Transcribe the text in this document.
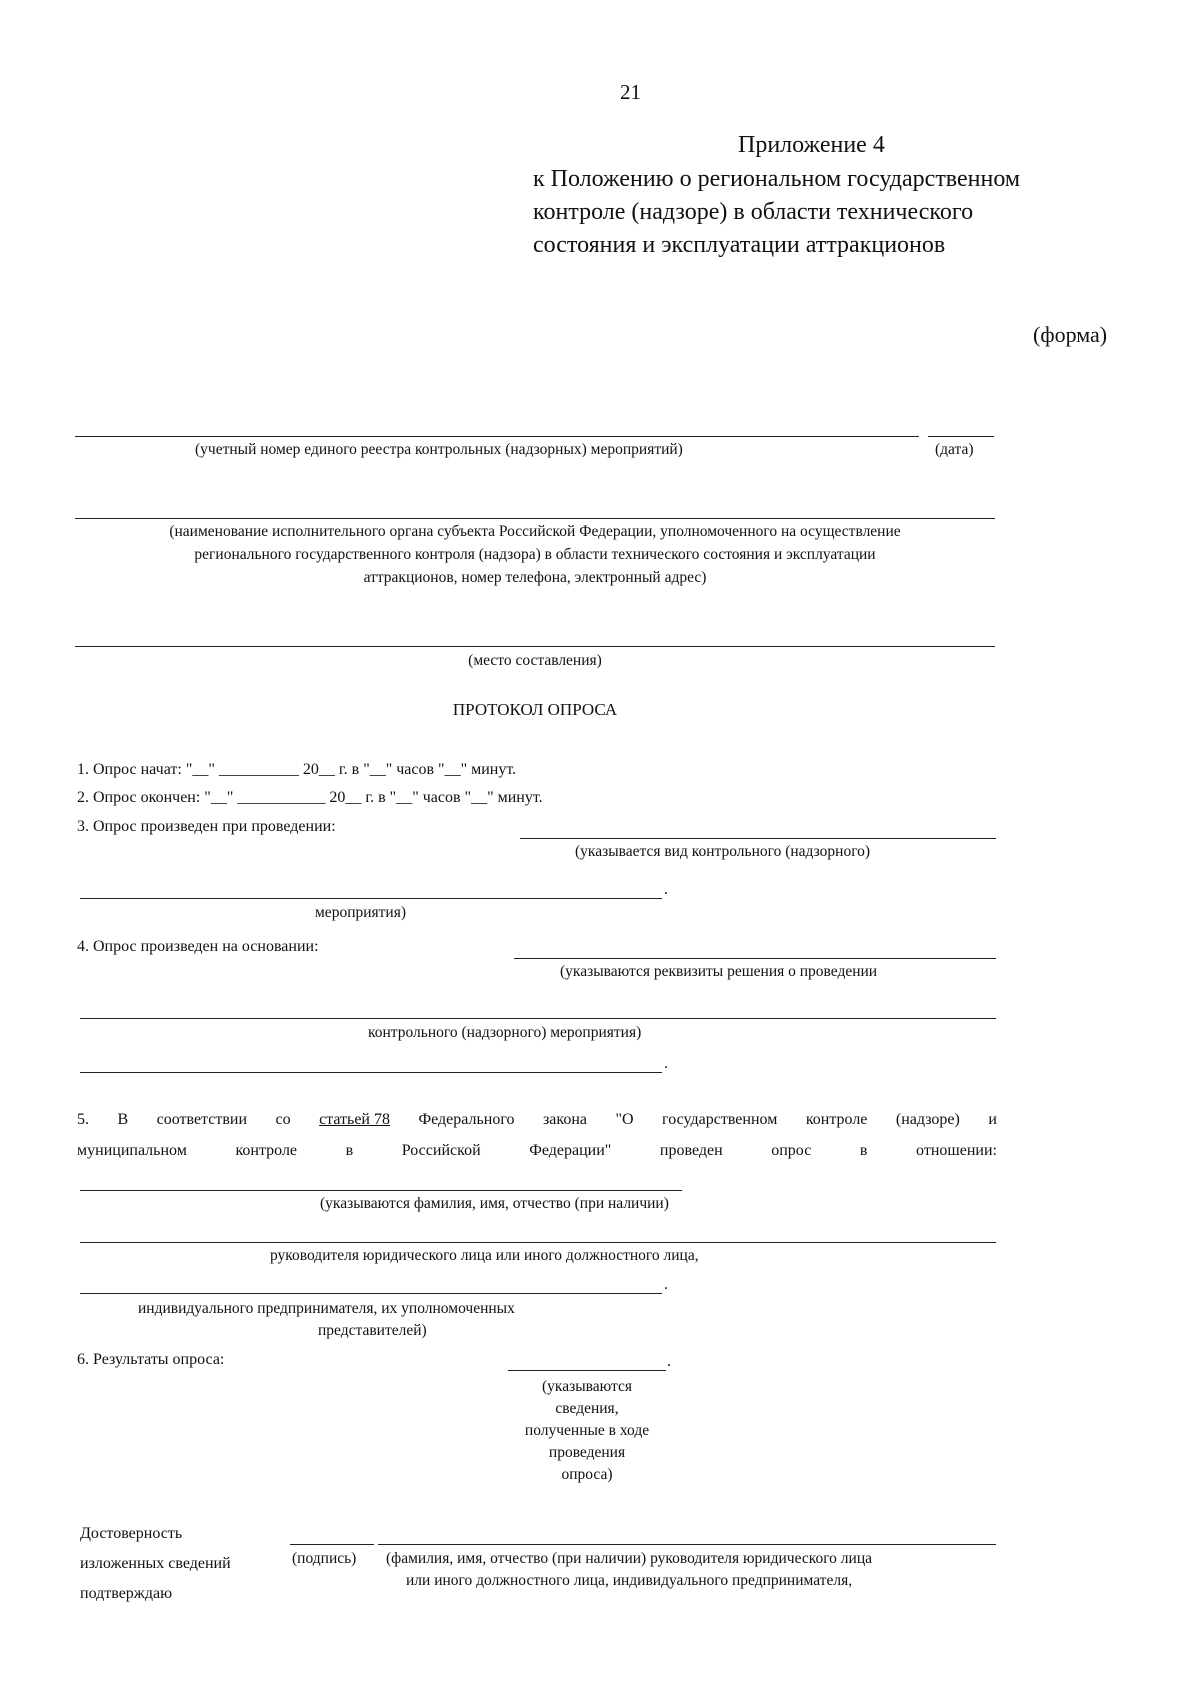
21
Приложение 4
к Положению о региональном государственном
контроле (надзоре) в области технического
состояния и эксплуатации аттракционов
(форма)
(учетный номер единого реестра контрольных (надзорных) мероприятий)	(дата)
(наименование исполнительного органа субъекта Российской Федерации, уполномоченного на осуществление
регионального государственного контроля (надзора) в области технического состояния и эксплуатации
аттракционов, номер телефона, электронный адрес)
(место составления)
ПРОТОКОЛ ОПРОСА
1. Опрос начат: "__" __________ 20__ г. в "__" часов "__" минут.
2. Опрос окончен: "__" ___________ 20__ г. в "__" часов "__" минут.
3. Опрос произведен при проведении:
(указывается вид контрольного (надзорного)
.
мероприятия)
4. Опрос произведен на основании:
(указываются реквизиты решения о проведении
контрольного (надзорного) мероприятия)
.
5. В соответствии со статьей 78 Федерального закона "О государственном контроле (надзоре) и
муниципальном	контроле	в	Российской	Федерации"	проведен	опрос	в	отношении:
(указываются фамилия, имя, отчество (при наличии)
руководителя юридического лица или иного должностного лица,
.
индивидуального предпринимателя, их уполномоченных
представителей)
6. Результаты опроса:	.
(указываются
сведения,
полученные в ходе
проведения
опроса)
Достоверность
изложенных сведений
подтверждаю
(подпись) (фамилия, имя, отчество (при наличии) руководителя юридического лица
или иного должностного лица, индивидуального предпринимателя,
